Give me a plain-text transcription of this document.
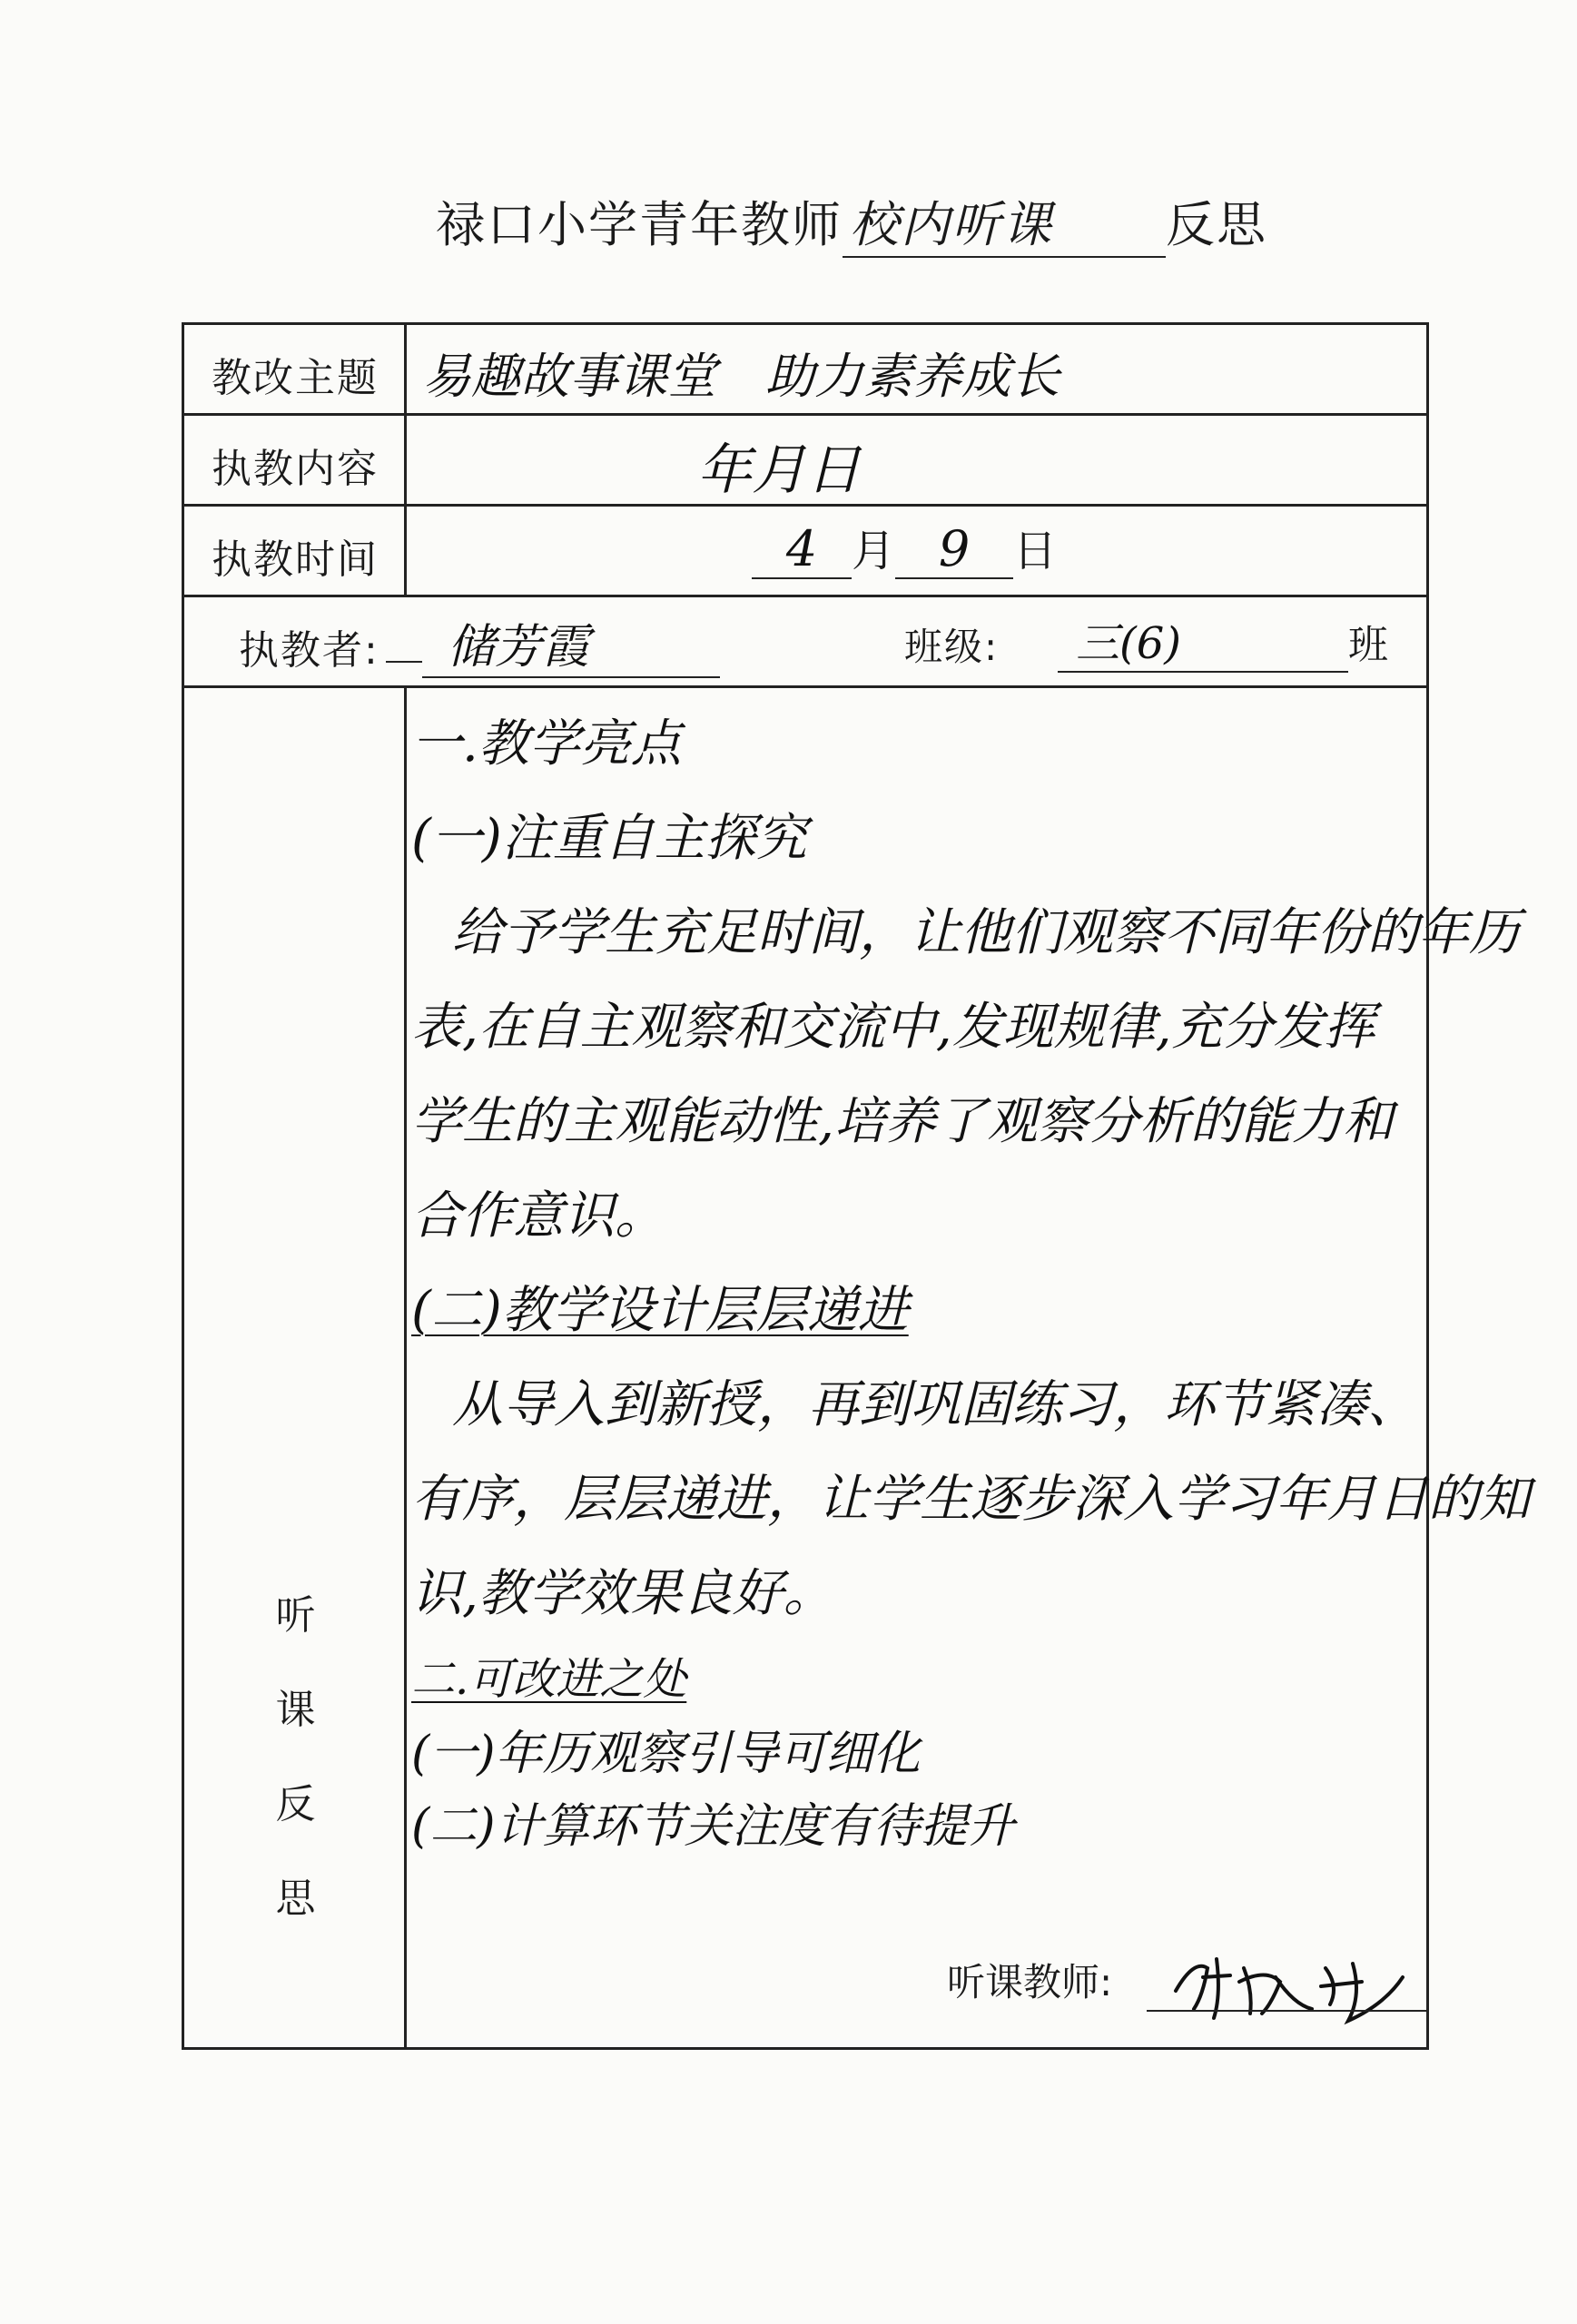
禄口小学青年教师 校内听课 反思
教改主题 易趣故事课堂　助力素养成长
执教内容	年月日
执教时间	4 月 9 日
执教者:	储芳霞	班级:	三(6)	班
听
课
反
思
一.教学亮点
(一)注重自主探究
给予学生充足时间，让他们观察不同年份的年历
表,在自主观察和交流中,发现规律,充分发挥
学生的主观能动性,培养了观察分析的能力和
合作意识。
(二)教学设计层层递进
从导入到新授，再到巩固练习，环节紧凑、
有序，层层递进，让学生逐步深入学习年月日的知
识,教学效果良好。
二.可改进之处
(一)年历观察引导可细化
(二)计算环节关注度有待提升
听课教师:
